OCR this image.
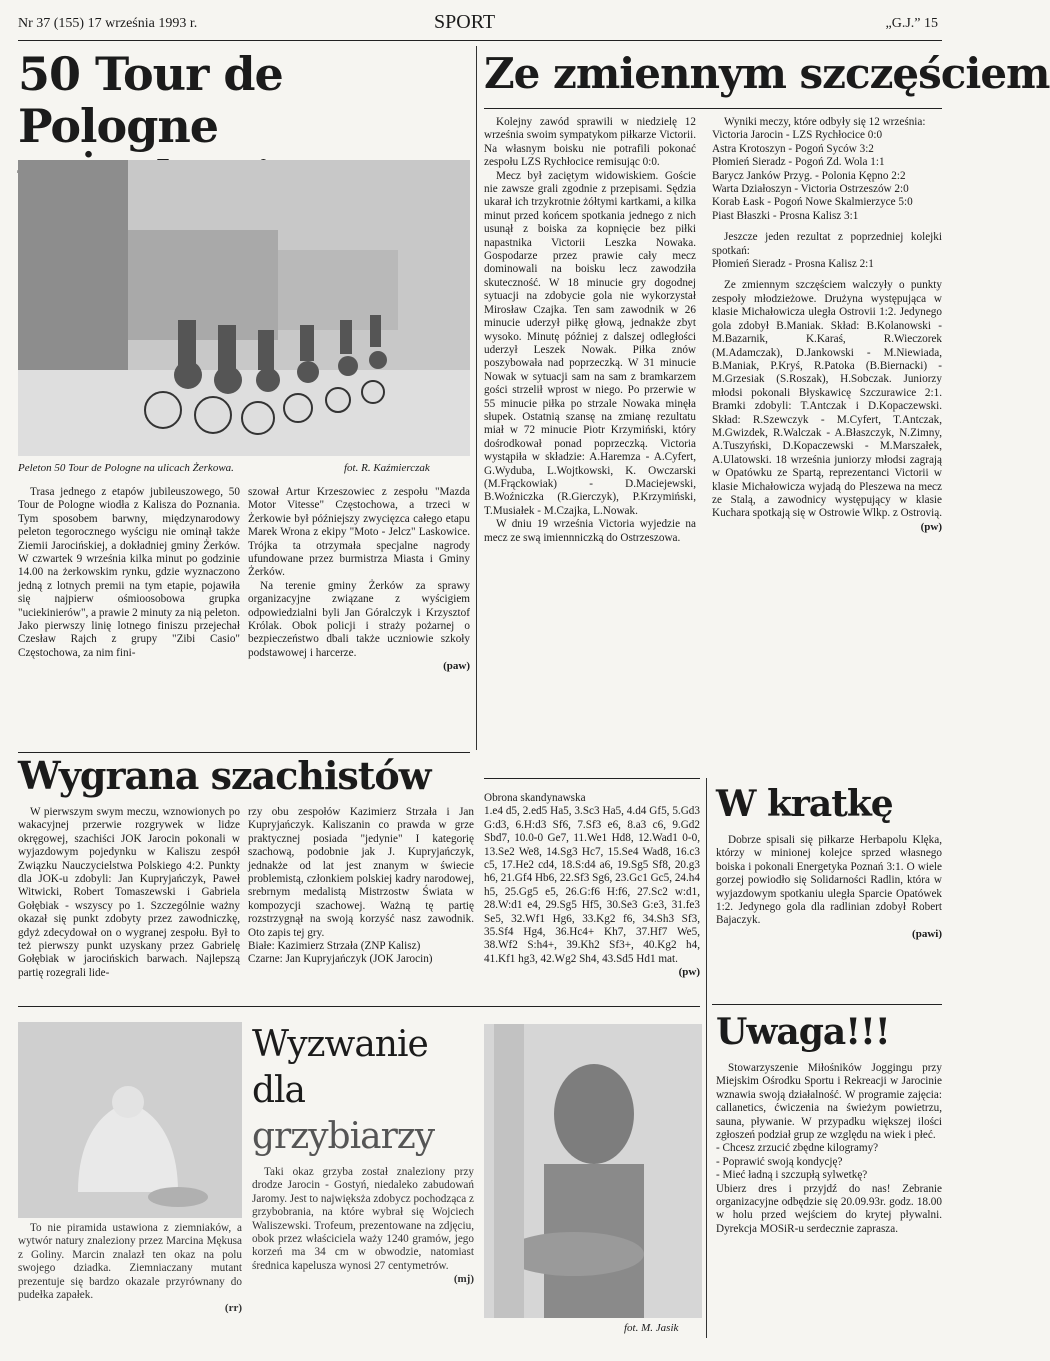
Nr 37 (155) 17 września 1993 r.	SPORT	„G.J.” 15
50 Tour de Pologne
Peleton 50 Tour de Pologne na ulicach Żerkowa.	fot. R. Kaźmierczak

Trasa jednego z etapów jubileuszowego, 50 Tour de Pologne wiodła z Kalisza do Poznania. Tym sposobem barwny, międzynarodowy peleton tegorocznego wyścigu nie ominął także Ziemii Jarocińskiej, a dokładniej gminy Żerków. W czwartek 9 września kilka minut po godzinie 14.00 na żerkowskim rynku, gdzie wyznaczono jedną z lotnych premii na tym etapie, pojawiła się najpierw ośmioosobowa grupka "uciekinierów", a prawie 2 minuty za nią peleton. Jako pierwszy linię lotnego finiszu przejechał Czesław Rajch z grupy "Zibi Casio" Częstochowa, za nim fini-

szował Artur Krzeszowiec z zespołu "Mazda Motor Vitesse" Częstochowa, a trzeci w Żerkowie był późniejszy zwycięzca całego etapu Marek Wrona z ekipy "Moto - Jelcz" Laskowice. Trójka ta otrzymała specjalne nagrody ufundowane przez burmistrza Miasta i Gminy Żerków.

Na terenie gminy Żerków za sprawy organizacyjne związane z wyścigiem odpowiedzialni byli Jan Góralczyk i Krzysztof Królak. Obok policji i straży pożarnej o bezpieczeństwo dbali także uczniowie szkoły podstawowej i harcerze.

(paw)
Ze zmiennym szczęściem

Kolejny zawód sprawili w niedzielę 12 września swoim sympatykom piłkarze Victorii. Na własnym boisku nie potrafili pokonać zespołu LZS Rychłocice remisując 0:0.

Mecz był zaciętym widowiskiem. Goście nie zawsze grali zgodnie z przepisami. Sędzia ukarał ich trzykrotnie żółtymi kartkami, a kilka minut przed końcem spotkania jednego z nich usunął z boiska za kopnięcie bez piłki napastnika Victorii Leszka Nowaka. Gospodarze przez prawie cały mecz dominowali na boisku lecz zawodziła skuteczność. W 18 minucie gry dogodnej sytuacji na zdobycie gola nie wykorzystał Mirosław Czajka. Ten sam zawodnik w 26 minucie uderzył piłkę głową, jednakże zbyt wysoko. Minutę później z dalszej odległości uderzył Leszek Nowak. Piłka znów poszybowała nad poprzeczką. W 31 minucie Nowak w sytuacji sam na sam z bramkarzem gości strzelił wprost w niego. Po przerwie w 55 minucie piłka po strzale Nowaka minęła słupek. Ostatnią szansę na zmianę rezultatu miał w 72 minucie Piotr Krzymiński, który dośrodkował ponad poprzeczką. Victoria wystąpiła w składzie: A.Haremza - A.Cyfert, G.Wyduba, L.Wojtkowski, K. Owczarski (M.Frąckowiak) - D.Maciejewski, B.Woźniczka (R.Gierczyk), P.Krzymiński, T.Musiałek - M.Czajka, L.Nowak.

W dniu 19 września Victoria wyjedzie na mecz ze swą imiennniczką do Ostrzeszowa.

Wyniki meczy, które odbyły się 12 września:

Victoria Jarocin - LZS Rychłocice 0:0
Astra Krotoszyn - Pogoń Syców 3:2
Płomień Sieradz - Pogoń Zd. Wola 1:1
Barycz Janków Przyg. - Polonia Kępno 2:2
Warta Działoszyn - Victoria Ostrzeszów 2:0
Korab Łask - Pogoń Nowe Skalmierzyce 5:0
Piast Błaszki - Prosna Kalisz 3:1

Jeszcze jeden rezultat z poprzedniej kolejki spotkań:

Płomień Sieradz - Prosna Kalisz 2:1

Ze zmiennym szczęściem walczyły o punkty zespoły młodzieżowe. Drużyna występująca w klasie Michałowicza uległa Ostrovii 1:2. Jedynego gola zdobył B.Maniak. Skład: B.Kolanowski - M.Bazarnik, K.Karaś, R.Wieczorek (M.Adamczak), D.Jankowski - M.Niewiada, B.Maniak, P.Kryś, R.Patoka (B.Biernacki) - M.Grzesiak (S.Roszak), H.Sobczak. Juniorzy młodsi pokonali Błyskawicę Szczurawice 2:1. Bramki zdobyli: T.Antczak i D.Kopaczewski. Skład: R.Szewczyk - M.Cyfert, T.Antczak, M.Gwizdek, R.Walczak - A.Błaszczyk, N.Zimny, A.Tuszyński, D.Kopaczewski - M.Marszałek, A.Ulatowski. 18 września juniorzy młodsi zagrają w Opatówku ze Spartą, reprezentanci Victorii w klasie Michałowicza wyjadą do Pleszewa na mecz ze Stalą, a zawodnicy występujący w klasie Kuchara spotkają się w Ostrowie Wlkp. z Ostrovią.

(pw)
Wygrana szachistów

W pierwszym swym meczu, wznowionych po wakacyjnej przerwie rozgrywek w lidze okręgowej, szachiści JOK Jarocin pokonali w wyjazdowym pojedynku w Kaliszu zespół Związku Nauczycielstwa Polskiego 4:2. Punkty dla JOK-u zdobyli: Jan Kupryjańczyk, Paweł Witwicki, Robert Tomaszewski i Gabriela Gołębiak - wszyscy po 1. Szczególnie ważny okazał się punkt zdobyty przez zawodniczkę, gdyż zdecydował on o wygranej zespołu. Był to też pierwszy punkt uzyskany przez Gabrielę Gołębiak w jarocińskich barwach. Najlepszą partię rozegrali lide-

rzy obu zespołów Kazimierz Strzała i Jan Kupryjańczyk. Kaliszanin co prawda w grze praktycznej posiada "jedynie" I kategorię szachową, podobnie jak J. Kupryjańczyk, jednakże od lat jest znanym w świecie problemistą, członkiem polskiej kadry narodowej, srebrnym medalistą Mistrzostw Świata w kompozycji szachowej. Ważną tę partię rozstrzygnął na swoją korzyść nasz zawodnik. Oto zapis tej gry.

Białe: Kazimierz Strzała (ZNP Kalisz)
Czarne: Jan Kupryjańczyk (JOK Jarocin)
Obrona skandynawska
1.e4 d5, 2.ed5 Ha5, 3.Sc3 Ha5, 4.d4 Gf5, 5.Gd3 G:d3, 6.H:d3 Sf6, 7.Sf3 e6, 8.a3 c6, 9.Gd2 Sbd7, 10.0-0 Ge7, 11.We1 Hd8, 12.Wad1 0-0, 13.Se2 We8, 14.Sg3 Hc7, 15.Se4 Wad8, 16.c3 c5, 17.He2 cd4, 18.S:d4 a6, 19.Sg5 Sf8, 20.g3 h6, 21.Gf4 Hb6, 22.Sf3 Sg6, 23.Gc1 Gc5, 24.h4 h5, 25.Gg5 e5, 26.G:f6 H:f6, 27.Sc2 w:d1, 28.W:d1 e4, 29.Sg5 Hf5, 30.Se3 G:e3, 31.fe3 Se5, 32.Wf1 Hg6, 33.Kg2 f6, 34.Sh3 Sf3, 35.Sf4 Hg4, 36.Hc4+ Kh7, 37.Hf7 We5, 38.Wf2 S:h4+, 39.Kh2 Sf3+, 40.Kg2 h4, 41.Kf1 hg3, 42.Wg2 Sh4, 43.Sd5 Hd1 mat.
(pw)
W kratkę

Dobrze spisali się piłkarze Herbapolu Klęka, którzy w minionej kolejce sprzed własnego boiska i pokonali Energetyka Poznań 3:1. O wiele gorzej powiodło się Solidarności Radlin, która w wyjazdowym spotkaniu uległa Sparcie Opatówek 1:2. Jedynego gola dla radlinian zdobył Robert Bajaczyk.

(pawi)
Uwaga!!!

Stowarzyszenie Miłośników Joggingu przy Miejskim Ośrodku Sportu i Rekreacji w Jarocinie wznawia swoją działalność. W programie zajęcia: callanetics, ćwiczenia na świeżym powietrzu, sauna, pływanie. W przypadku większej ilości zgłoszeń podział grup ze względu na wiek i płeć.

- Chcesz zrzucić zbędne kilogramy?
- Poprawić swoją kondycję?
- Mieć ładną i szczupłą sylwetkę?

Ubierz dres i przyjdź do nas! Zebranie organizacyjne odbędzie się 20.09.93r. godz. 18.00 w holu przed wejściem do krytej pływalni. Dyrekcja MOSiR-u serdecznie zaprasza.

To nie piramida ustawiona z ziemniaków, a wytwór natury znaleziony przez Marcina Mękusa z Goliny. Marcin znalazł ten okaz na polu swojego dziadka. Ziemniaczany mutant prezentuje się bardzo okazale przyrównany do pudełka zapałek.

(rr)
Wyzwanie
dla
grzybiarzy

Taki okaz grzyba został znaleziony przy drodze Jarocin - Gostyń, niedaleko zabudowań Jaromy. Jest to najwięksża zdobycz pochodząca z grzybobrania, na które wybrał się Wojciech Waliszewski. Trofeum, prezentowane na zdjęciu, obok przez właściciela waży 1240 gramów, jego korzeń ma 34 cm w obwodzie, natomiast średnica kapelusza wynosi 27 centymetrów.

(mj)
fot. M. Jasik
